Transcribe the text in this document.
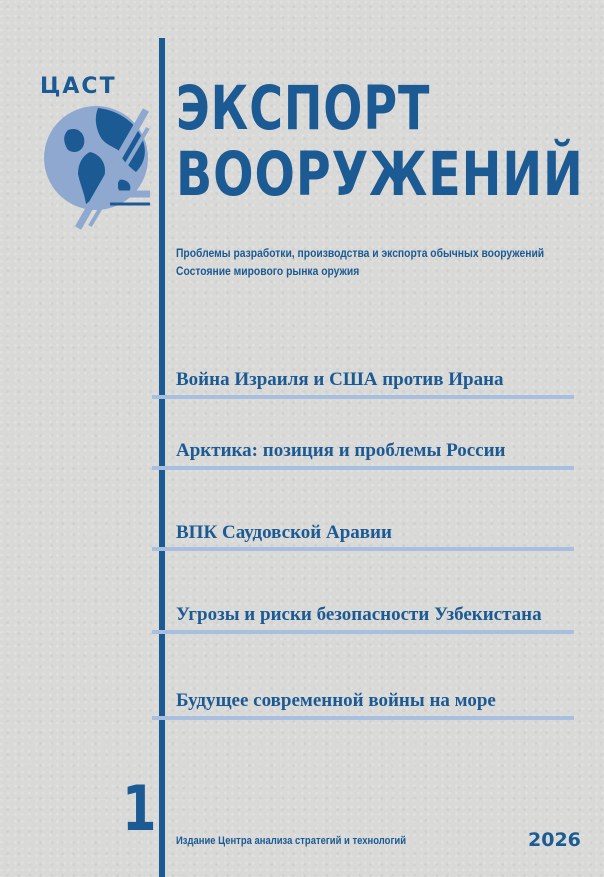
ЦАСТ ЭКСПОРТ
ВООРУЖЕНИЙ
Проблемы разработки, производства и экспорта обычных вооружений
Состояние мирового рынка оружия
Война Израиля и США против Ирана
Арктика: позиция и проблемы России
ВПК Саудовской Аравии
Угрозы и риски безопасности Узбекистана
Будущее современной войны на море
1 Издание Центра анализа стратегий и технологий	2026
